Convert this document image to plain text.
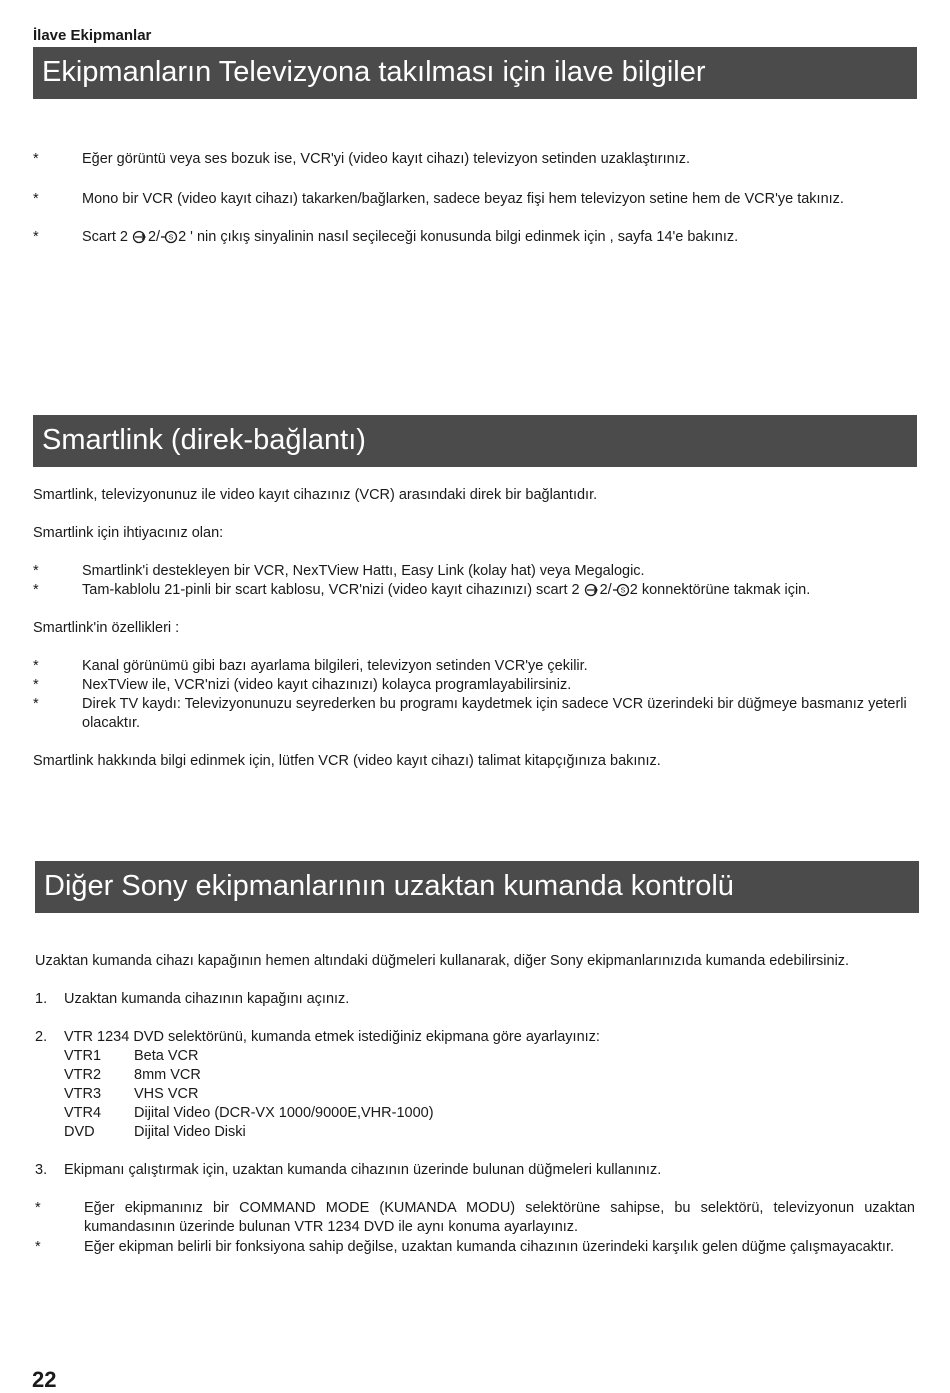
İlave Ekipmanlar
Ekipmanların Televizyona takılması için ilave bilgiler
*	Eğer görüntü veya ses bozuk ise, VCR'yi (video kayıt cihazı) televizyon setinden uzaklaştırınız.
*	Mono bir VCR (video kayıt cihazı) takarken/bağlarken, sadece beyaz fişi hem televizyon setine hem de VCR'ye takınız.
*	Scart 2 2/ S 2 ' nin çıkış sinyalinin nasıl seçileceği konusunda bilgi edinmek için , sayfa 14'e bakınız.
Smartlink (direk-bağlantı)
Smartlink, televizyonunuz ile video kayıt cihazınız (VCR) arasındaki direk bir bağlantıdır.
Smartlink için ihtiyacınız olan:
*	Smartlink'i destekleyen bir VCR, NexTView Hattı, Easy Link (kolay hat) veya Megalogic.
*	Tam-kablolu 21-pinli bir scart kablosu, VCR'nizi (video kayıt cihazınızı) scart 2 2/ S 2 konnektörüne takmak için.
Smartlink'in özellikleri :
*	Kanal görünümü gibi bazı ayarlama bilgileri, televizyon setinden VCR'ye çekilir.
*	NexTView ile, VCR'nizi (video kayıt cihazınızı) kolayca programlayabilirsiniz.
*	Direk TV kaydı: Televizyonunuzu seyrederken bu programı kaydetmek için sadece VCR üzerindeki bir düğmeye basmanız yeterli olacaktır.
Smartlink hakkında bilgi edinmek için, lütfen VCR (video kayıt cihazı) talimat kitapçığınıza bakınız.
Diğer Sony ekipmanlarının uzaktan kumanda kontrolü
Uzaktan kumanda cihazı kapağının hemen altındaki düğmeleri kullanarak, diğer Sony ekipmanlarınızıda kumanda edebilirsiniz.
1. Uzaktan kumanda cihazının kapağını açınız.
2. VTR 1234 DVD selektörünü, kumanda etmek istediğiniz ekipmana göre ayarlayınız:
VTR1 Beta VCR
VTR2 8mm VCR
VTR3 VHS VCR
VTR4 Dijital Video (DCR-VX 1000/9000E,VHR-1000)
DVD	Dijital Video Diski
3. Ekipmanı çalıştırmak için, uzaktan kumanda cihazının üzerinde bulunan düğmeleri kullanınız.
*	Eğer ekipmanınız bir COMMAND MODE (KUMANDA MODU) selektörüne sahipse, bu selektörü, televizyonun uzaktan kumandasının üzerinde bulunan VTR 1234 DVD ile aynı konuma ayarlayınız.
*	Eğer ekipman belirli bir fonksiyona sahip değilse, uzaktan kumanda cihazının üzerindeki karşılık gelen düğme çalışmayacaktır.
22
